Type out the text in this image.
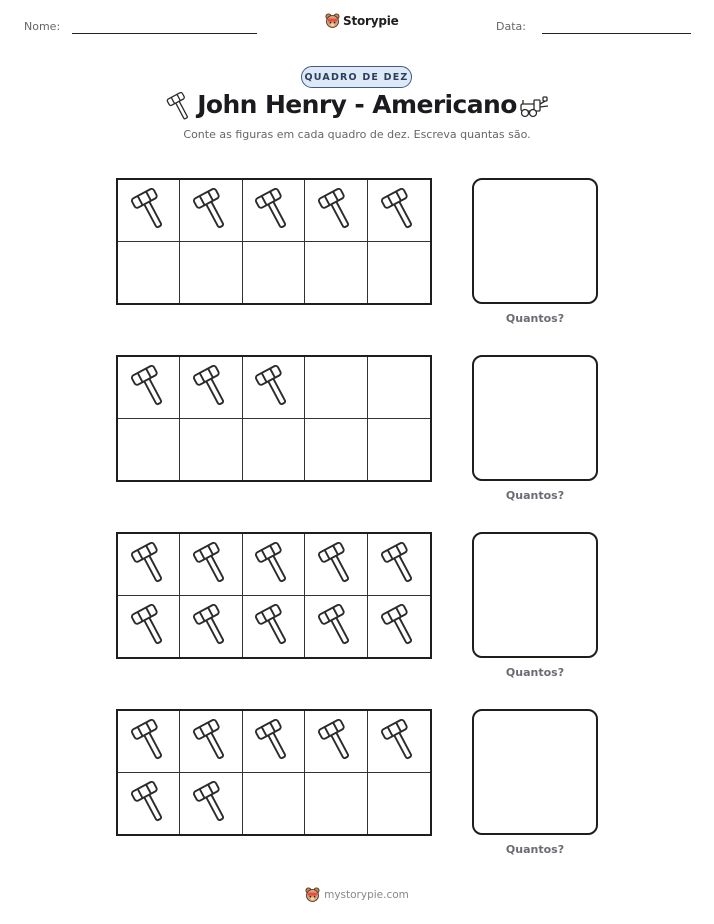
Nome:	Storypie	Data:
QUADRO DE DEZ
John Henry - Americano
Conte as figuras em cada quadro de dez. Escreva quantas são.
Quantos?
Quantos?
Quantos?
Quantos?
mystorypie.com
